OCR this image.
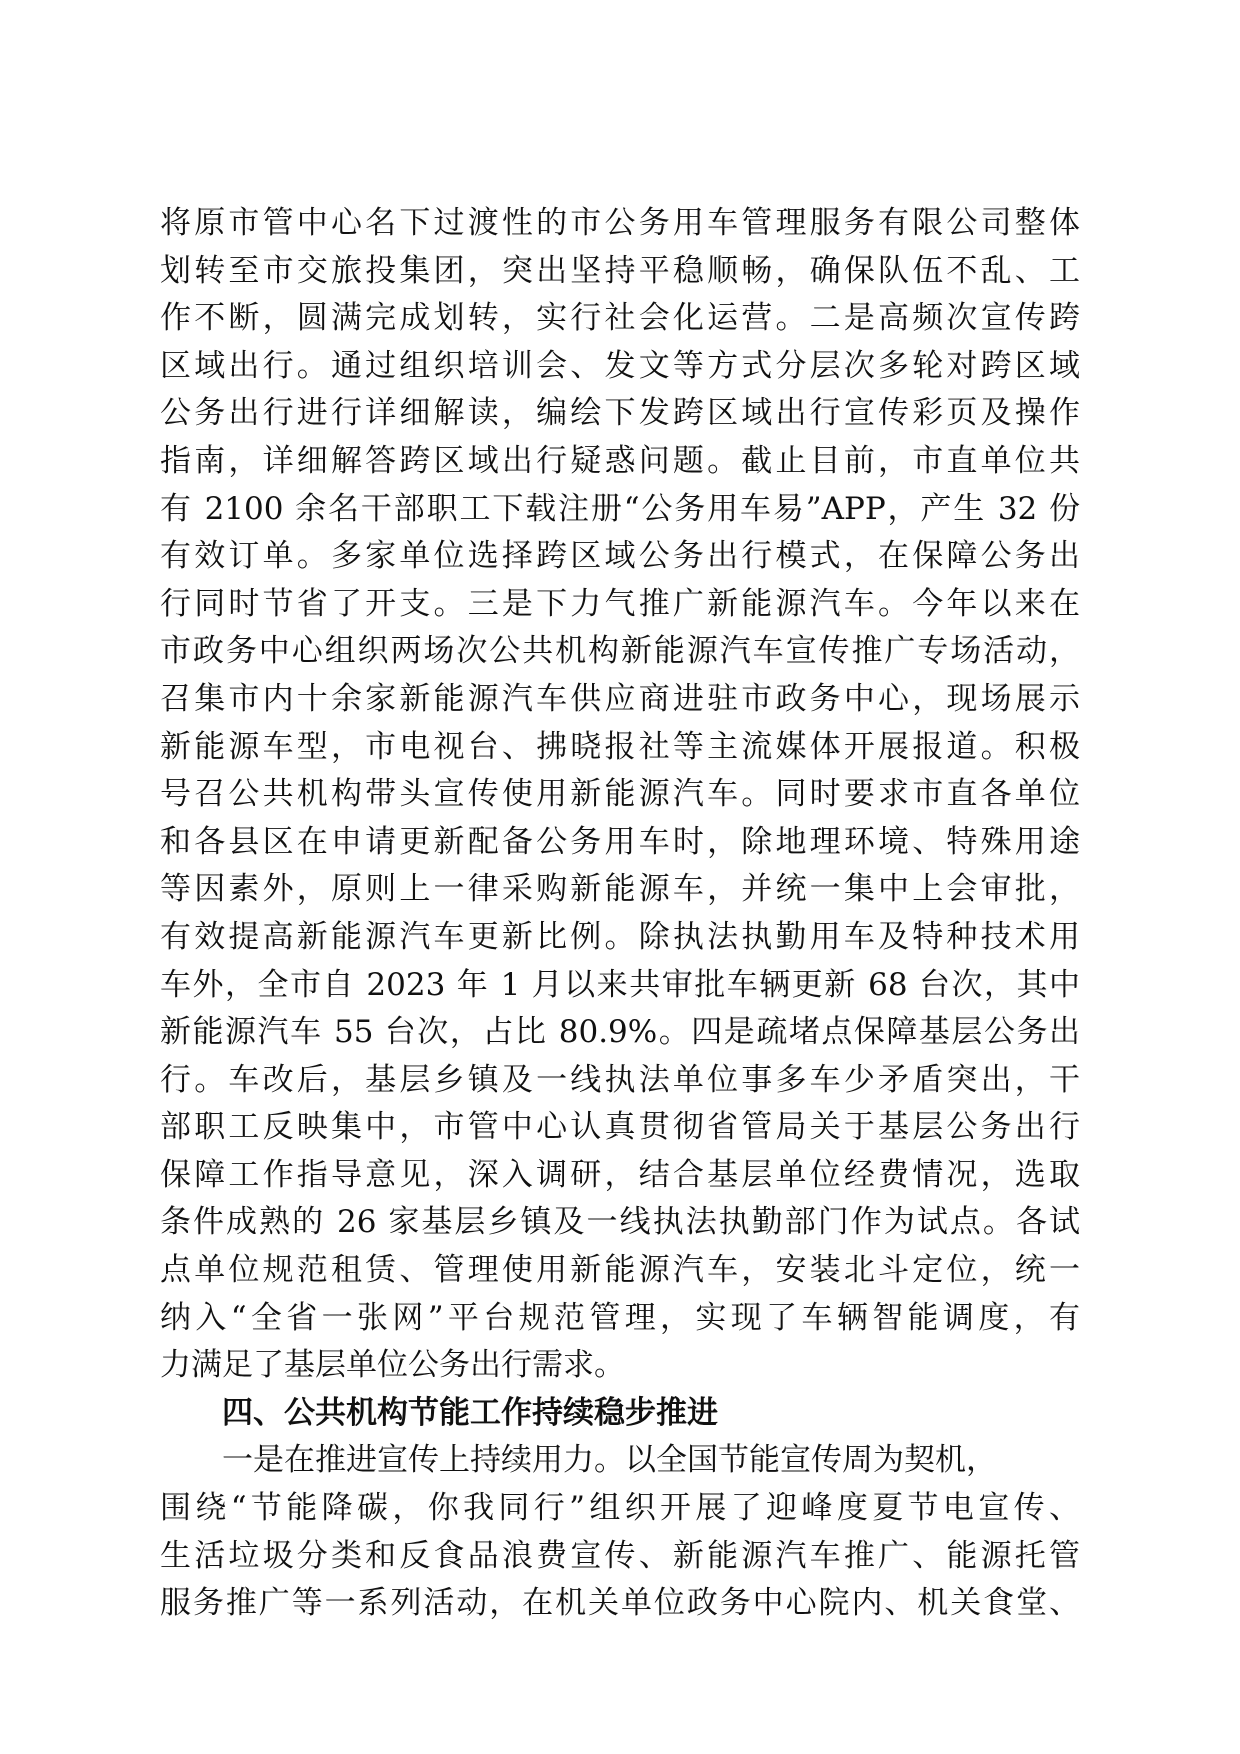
将原市管中心名下过渡性的市公务用车管理服务有限公司整体
划转至市交旅投集团，突出坚持平稳顺畅，确保队伍不乱、工
作不断，圆满完成划转，实行社会化运营。二是高频次宣传跨
区域出行。通过组织培训会、发文等方式分层次多轮对跨区域
公务出行进行详细解读，编绘下发跨区域出行宣传彩页及操作
指南，详细解答跨区域出行疑惑问题。截止目前，市直单位共
有 2100 余名干部职工下载注册“公务用车易”APP，产生 32 份
有效订单。多家单位选择跨区域公务出行模式，在保障公务出
行同时节省了开支。三是下力气推广新能源汽车。今年以来在
市政务中心组织两场次公共机构新能源汽车宣传推广专场活动，
召集市内十余家新能源汽车供应商进驻市政务中心，现场展示
新能源车型，市电视台、拂晓报社等主流媒体开展报道。积极
号召公共机构带头宣传使用新能源汽车。同时要求市直各单位
和各县区在申请更新配备公务用车时，除地理环境、特殊用途
等因素外，原则上一律采购新能源车，并统一集中上会审批，
有效提高新能源汽车更新比例。除执法执勤用车及特种技术用
车外，全市自 2023 年 1 月以来共审批车辆更新 68 台次，其中
新能源汽车 55 台次，占比 80.9%。四是疏堵点保障基层公务出
行。车改后，基层乡镇及一线执法单位事多车少矛盾突出，干
部职工反映集中，市管中心认真贯彻省管局关于基层公务出行
保障工作指导意见，深入调研，结合基层单位经费情况，选取
条件成熟的 26 家基层乡镇及一线执法执勤部门作为试点。各试
点单位规范租赁、管理使用新能源汽车，安装北斗定位，统一
纳入“全省一张网”平台规范管理，实现了车辆智能调度，有
力满足了基层单位公务出行需求。
四、公共机构节能工作持续稳步推进
一是在推进宣传上持续用力。以全国节能宣传周为契机，
围绕“节能降碳，你我同行”组织开展了迎峰度夏节电宣传、
生活垃圾分类和反食品浪费宣传、新能源汽车推广、能源托管
服务推广等一系列活动，在机关单位政务中心院内、机关食堂、
